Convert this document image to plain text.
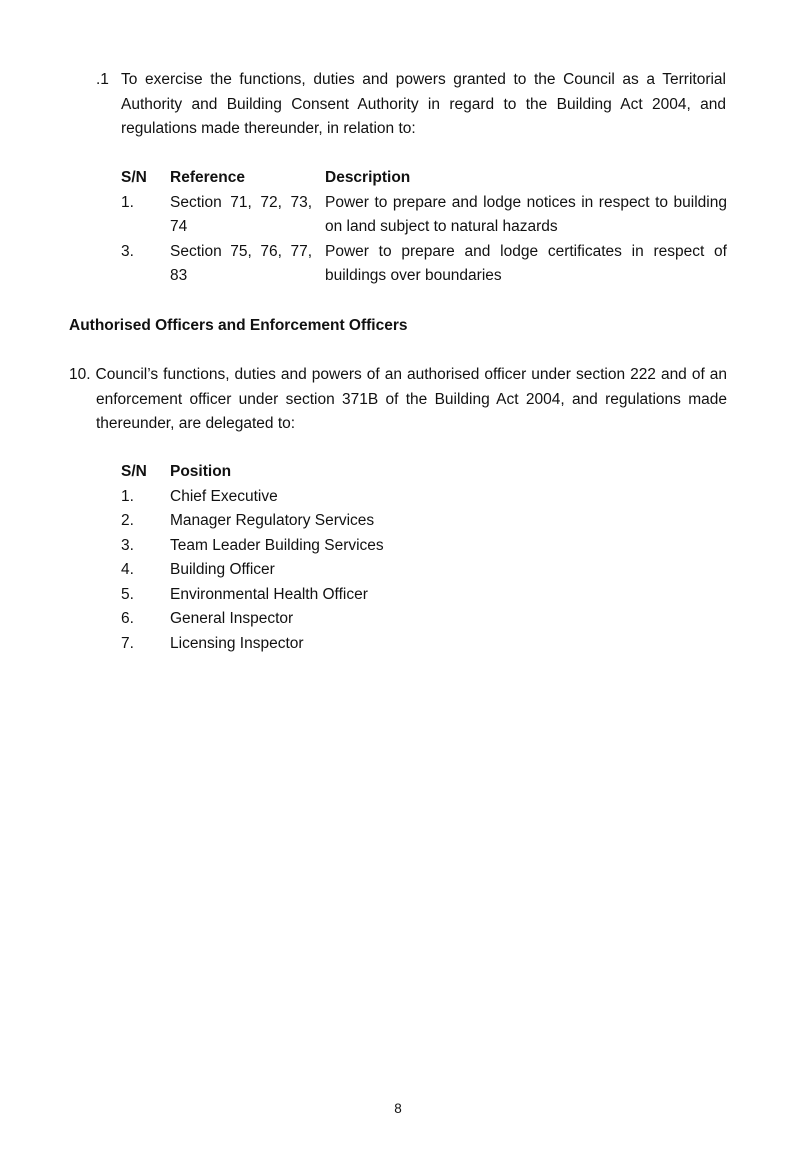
.1 To exercise the functions, duties and powers granted to the Council as a Territorial Authority and Building Consent Authority in regard to the Building Act 2004, and regulations made thereunder, in relation to:
S/N	Reference	Description
1.	Section 71, 72, 73, 74	Power to prepare and lodge notices in respect to building on land subject to natural hazards

3.	Section 75, 76, 77, 83	Power to prepare and lodge certificates in respect of buildings over boundaries
Authorised Officers and Enforcement Officers
10. Council’s functions, duties and powers of an authorised officer under section 222 and of an enforcement officer under section 371B of the Building Act 2004, and regulations made thereunder, are delegated to:
S/N	Position
1.	Chief Executive
2.	Manager Regulatory Services
3.	Team Leader Building Services
4.	Building Officer
5.	Environmental Health Officer
6.	General Inspector
7.	Licensing Inspector
8
